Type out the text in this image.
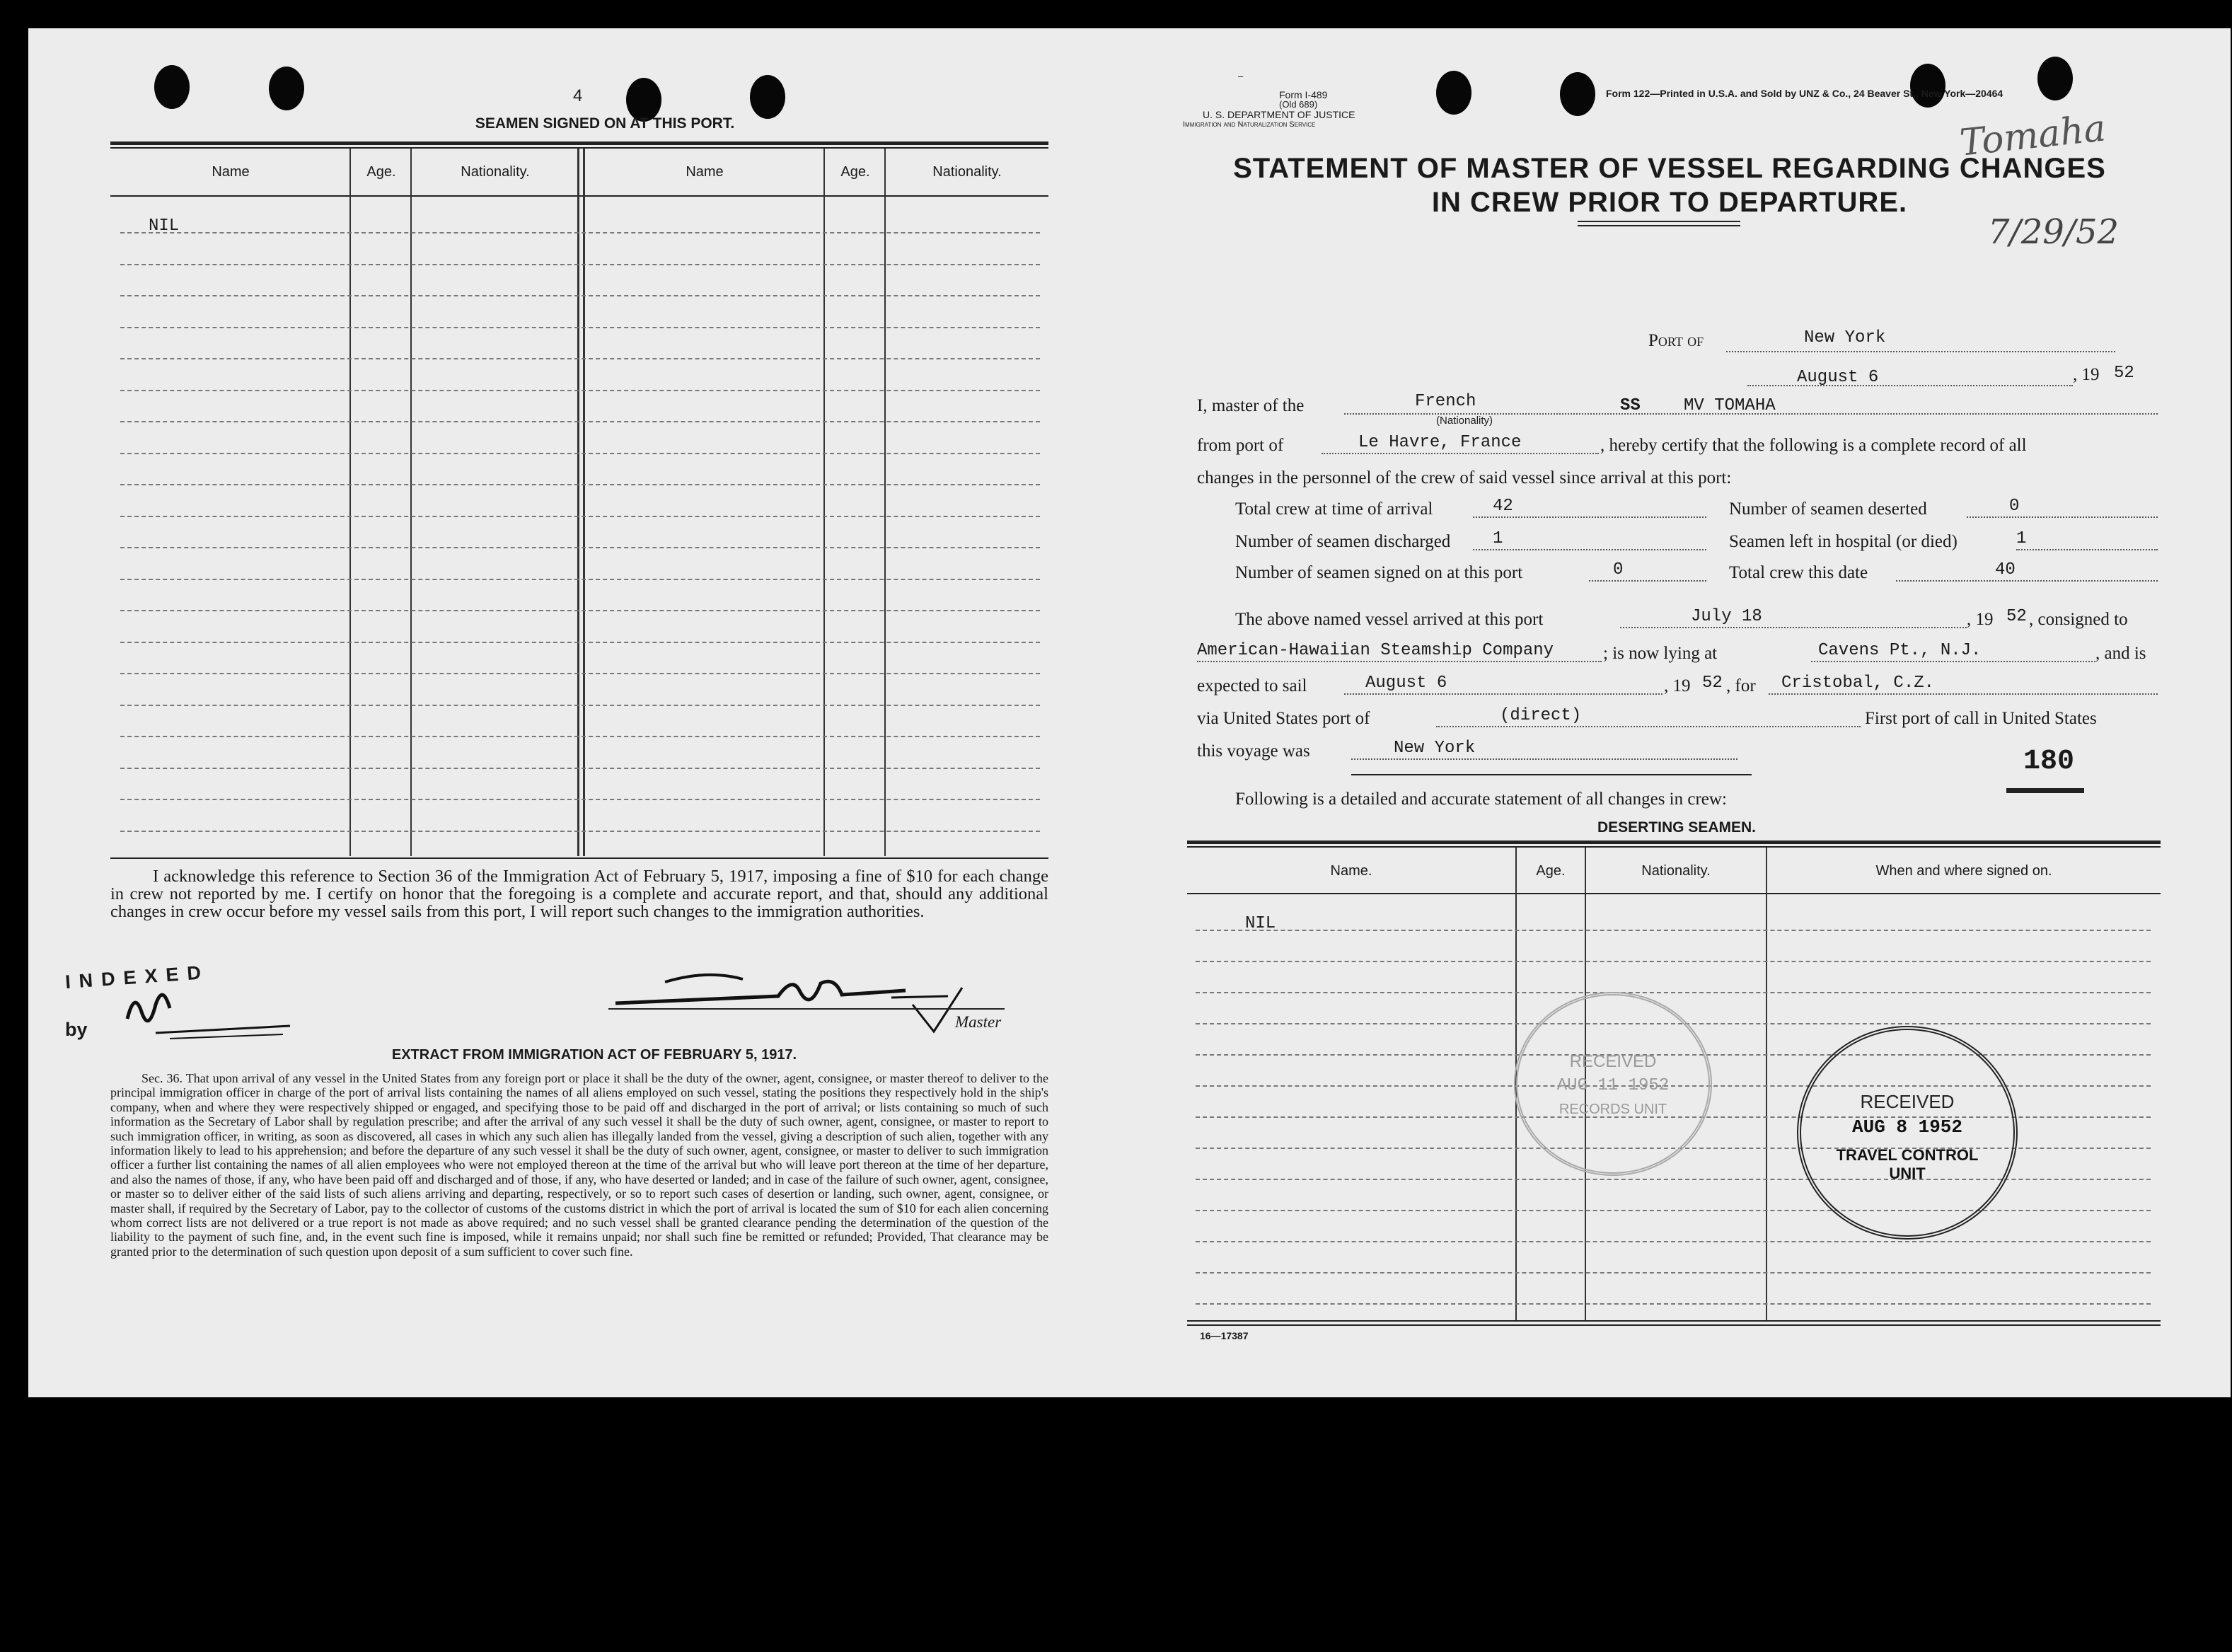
4
SEAMEN SIGNED ON AT THIS PORT.
Name	Age.	Nationality.	Name	Age.	Nationality.
NIL
I acknowledge this reference to Section 36 of the Immigration Act of February 5, 1917, imposing a fine of $10 for each change in crew not reported by me. I certify on honor that the foregoing is a complete and accurate report, and that, should any additional changes in crew occur before my vessel sails from this port, I will report such changes to the immigration authorities.
INDEXED
by	Master
EXTRACT FROM IMMIGRATION ACT OF FEBRUARY 5, 1917.
Sec. 36. That upon arrival of any vessel in the United States from any foreign port or place it shall be the duty of the owner, agent, consignee, or master thereof to deliver to the principal immigration officer in charge of the port of arrival lists containing the names of all aliens employed on such vessel, stating the positions they respectively hold in the ship's company, when and where they were respectively shipped or engaged, and specifying those to be paid off and discharged in the port of arrival; or lists containing so much of such information as the Secretary of Labor shall by regulation prescribe; and after the arrival of any such vessel it shall be the duty of such owner, agent, consignee, or master to report to such immigration officer, in writing, as soon as discovered, all cases in which any such alien has illegally landed from the vessel, giving a description of such alien, together with any information likely to lead to his apprehension; and before the departure of any such vessel it shall be the duty of such owner, agent, consignee, or master to deliver to such immigration officer a further list containing the names of all alien employees who were not employed thereon at the time of the arrival but who will leave port thereon at the time of her departure, and also the names of those, if any, who have been paid off and discharged and of those, if any, who have deserted or landed; and in case of the failure of such owner, agent, consignee, or master so to deliver either of the said lists of such aliens arriving and departing, respectively, or so to report such cases of desertion or landing, such owner, agent, consignee, or master shall, if required by the Secretary of Labor, pay to the collector of customs of the customs district in which the port of arrival is located the sum of $10 for each alien concerning whom correct lists are not delivered or a true report is not made as above required; and no such vessel shall be granted clearance pending the determination of the question of the liability to the payment of such fine, and, in the event such fine is imposed, while it remains unpaid; nor shall such fine be remitted or refunded; Provided, That clearance may be granted prior to the determination of such question upon deposit of a sum sufficient to cover such fine.
–
Form I-489
(Old 689)
U. S. DEPARTMENT OF JUSTICE
Immigration and Naturalization Service
Form 122—Printed in U.S.A. and Sold by UNZ & Co., 24 Beaver St., New York—20464
STATEMENT OF MASTER OF VESSEL REGARDING CHANGES
IN CREW PRIOR TO DEPARTURE.
Tomaha
7/29/52
Port of	New York
August 6	, 19 52
I, master of the	French
(Nationality)
SS	MV TOMAHA
from port of	Le Havre, France	, hereby certify that the following is a complete record of all
changes in the personnel of the crew of said vessel since arrival at this port:
Total crew at time of arrival	42	Number of seamen deserted	0
Number of seamen discharged 1	Seamen left in hospital (or died)	1
Number of seamen signed on at this port	0	Total crew this date	40
The above named vessel arrived at this port	July 18	, 19 52 , consigned to
American-Hawaiian Steamship Company	; is now lying at	Cavens Pt., N.J.	, and is
expected to sail	August 6	, 19 52 , for Cristobal, C.Z.
via United States port of	(direct)	First port of call in United States
this voyage was	New York	180
Following is a detailed and accurate statement of all changes in crew:
DESERTING SEAMEN.
Name.	Age.	Nationality.	When and where signed on.
NIL
16—17387
RECEIVED
AUG 11 1952
RECORDS UNIT	RECEIVED
AUG 8 1952
TRAVEL CONTROL
UNIT
